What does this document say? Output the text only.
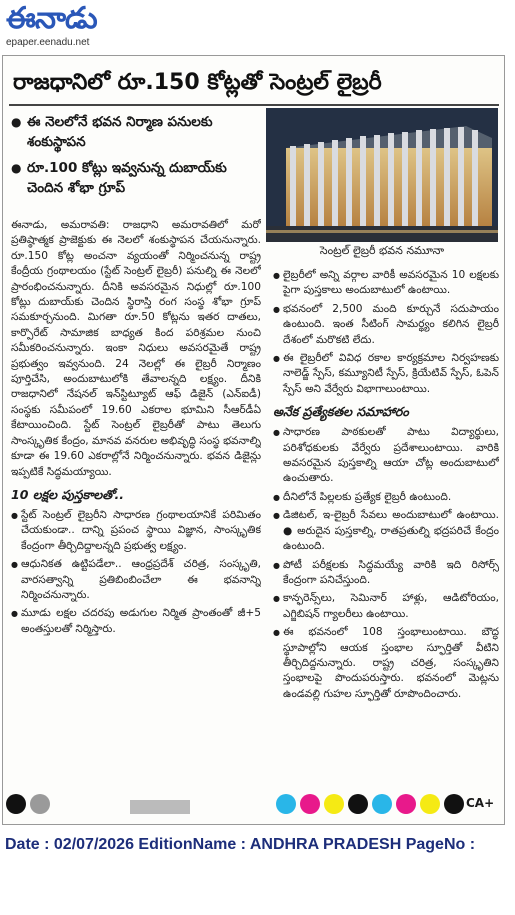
ఈనాడు
epaper.eenadu.net
రాజధానిలో రూ.150 కోట్లతో సెంట్రల్ లైబ్రరీ
● ఈ నెలలోనే భవన నిర్మాణ పనులకు శంకుస్థాపన
● రూ.100 కోట్లు ఇవ్వనున్న దుబాయ్‌కు చెందిన శోభా గ్రూప్
సెంట్రల్ లైబ్రరీ భవన నమూనా

ఈనాడు, అమరావతి: రాజధాని అమరావతిలో మరో ప్రతిష్ఠాత్మక ప్రాజెక్టుకు ఈ నెలలో శంకుస్థాపన చేయనున్నారు. రూ.150 కోట్ల అంచనా వ్యయంతో నిర్మించనున్న రాష్ట్ర కేంద్రీయ గ్రంథాలయం (స్టేట్ సెంట్రల్ లైబ్రరీ) పనుల్ని ఈ నెలలో ప్రారంభించనున్నారు. దీనికి అవసరమైన నిధుల్లో రూ.100 కోట్లు దుబాయ్‌కు చెందిన స్థిరాస్తి రంగ సంస్థ శోభా గ్రూప్ సమకూర్చనుంది. మిగతా రూ.50 కోట్లను ఇతర దాతలు, కార్పొరేట్ సామాజిక బాధ్యత కింద పరిశ్రమల నుంచి సమీకరించనున్నారు. ఇంకా నిధులు అవసరమైతే రాష్ట్ర ప్రభుత్వం ఇవ్వనుంది. 24 నెలల్లో ఈ లైబ్రరీ నిర్మాణం పూర్తిచేసి, అందుబాటులోకి తేవాలన్నది లక్ష్యం. దీనికి రాజధానిలో నేషనల్ ఇన్‌స్టిట్యూట్ ఆఫ్ డిజైన్ (ఎన్ఐడీ) సంస్థకు సమీపంలో 19.60 ఎకరాల భూమిని సీఆర్‌డీఏ కేటాయించింది. స్టేట్ సెంట్రల్ లైబ్రరీతో పాటు తెలుగు సాంస్కృతిక కేంద్రం, మానవ వనరుల అభివృద్ధి సంస్థ భవనాల్ని కూడా ఈ 19.60 ఎకరాల్లోనే నిర్మించనున్నారు. భవన డిజైన్లు ఇప్పటికే సిద్ధమయ్యాయి.

10 లక్షల పుస్తకాలతో..

● స్టేట్ సెంట్రల్ లైబ్రరీని సాధారణ గ్రంథాలయానికే పరిమితం చేయకుండా.. దాన్ని ప్రపంచ స్థాయి విజ్ఞాన, సాంస్కృతిక కేంద్రంగా తీర్చిదిద్దాలన్నది ప్రభుత్వ లక్ష్యం.

● ఆధునికత ఉట్టిపడేలా.. ఆంధ్రప్రదేశ్ చరిత్ర, సంస్కృతి, వారసత్వాన్ని ప్రతిబింబించేలా ఈ భవనాన్ని నిర్మించనున్నారు.

● మూడు లక్షల చదరపు అడుగుల నిర్మిత ప్రాంతంతో జీ+5 అంతస్తులతో నిర్మిస్తారు.

● లైబ్రరీలో అన్ని వర్గాల వారికీ అవసరమైన 10 లక్షలకు పైగా పుస్తకాలు అందుబాటులో ఉంటాయి.

● భవనంలో 2,500 మంది కూర్చునే సదుపాయం ఉంటుంది. ఇంత సీటింగ్ సామర్థ్యం కలిగిన లైబ్రరీ దేశంలో మరొకటి లేదు.

● ఈ లైబ్రరీలో వివిధ రకాల కార్యక్రమాల నిర్వహణకు నాలెడ్జ్ స్పేస్, కమ్యూనిటీ స్పేస్, క్రియేటివ్ స్పేస్, ఓపెన్ స్పేస్ అని వేర్వేరు విభాగాలుంటాయి.

అనేక ప్రత్యేకతల సమాహారం

● సాధారణ పాఠకులతో పాటు విద్యార్థులు, పరిశోధకులకు వేర్వేరు ప్రదేశాలుంటాయి. వారికి అవసరమైన పుస్తకాల్ని ఆయా చోట్ల అందుబాటులో ఉంచుతారు.

● దీనిలోనే పిల్లలకు ప్రత్యేక లైబ్రరీ ఉంటుంది.

● డిజిటల్, ఇ-లైబ్రరీ సేవలు అందుబాటులో ఉంటాయి. ● అరుదైన పుస్తకాల్ని, రాతప్రతుల్ని భద్రపరిచే కేంద్రం ఉంటుంది.

● పోటీ పరీక్షలకు సిద్ధమయ్యే వారికి ఇది రిసోర్స్ కేంద్రంగా పనిచేస్తుంది.

● కాన్ఫరెన్స్‌లు, సెమినార్ హాళ్లు, ఆడిటోరియం, ఎగ్జిబిషన్ గ్యాలరీలు ఉంటాయి.

● ఈ భవనంలో 108 స్తంభాలుంటాయి. బౌద్ధ స్థూపాల్లోని ఆయక స్తంభాల స్ఫూర్తితో వీటిని తీర్చిదిద్దనున్నారు. రాష్ట్ర చరిత్ర, సంస్కృతిని స్తంభాలపై పొందుపరుస్తారు. భవనంలో మెట్లను ఉండవల్లి గుహల స్ఫూర్తితో రూపొందించారు.

CA+
Date : 02/07/2026 EditionName : ANDHRA PRADESH PageNo :
